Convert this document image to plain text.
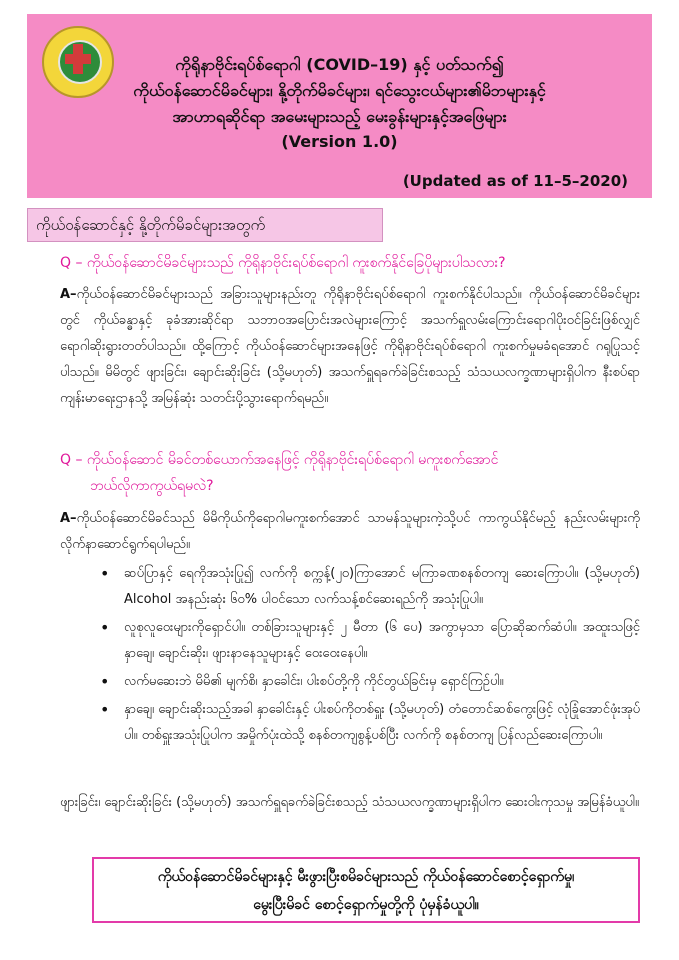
ကိုရိုနာဗိုင်းရပ်စ်ရောဂါ (COVID–19) နှင့် ပတ်သက်၍
ကိုယ်ဝန်ဆောင်မိခင်များ၊ နို့တိုက်မိခင်များ၊ ရင်သွေးငယ်များ၏မိဘများနှင့်
အာဟာရဆိုင်ရာ အမေးများသည့် မေးခွန်းများနှင့်အဖြေများ
(Version 1.0)
(Updated as of 11–5–2020)
ကိုယ်ဝန်ဆောင်နှင့် နို့တိုက်မိခင်များအတွက်
Q – ကိုယ်ဝန်ဆောင်မိခင်များသည် ကိုရိုနာဗိုင်းရပ်စ်ရောဂါ ကူးစက်နိုင်ခြေပိုများပါသလား?
A–ကိုယ်ဝန်ဆောင်မိခင်များသည် အခြားသူများနည်းတူ ကိုရိုနာဗိုင်းရပ်စ်ရောဂါ ကူးစက်နိုင်ပါသည်။ ကိုယ်ဝန်ဆောင်မိခင်များတွင် ကိုယ်ခန္ဓာနှင့် ခုခံအားဆိုင်ရာ သဘာဝအပြောင်းအလဲများကြောင့် အသက်ရှူလမ်းကြောင်းရောဂါပိုးဝင်ခြင်းဖြစ်လျှင် ရောဂါဆိုးရွားတတ်ပါသည်။ ထို့ကြောင့် ကိုယ်ဝန်ဆောင်များအနေဖြင့် ကိုရိုနာဗိုင်းရပ်စ်ရောဂါ ကူးစက်မှုမခံရအောင် ဂရုပြုသင့်ပါသည်။ မိမိတွင် ဖျားခြင်း၊ ချောင်းဆိုးခြင်း (သို့မဟုတ်) အသက်ရှူရခက်ခဲခြင်းစသည့် သံသယလက္ခဏာများရှိပါက နီးစပ်ရာ ကျန်းမာရေးဌာနသို့ အမြန်ဆုံး သတင်းပို့သွားရောက်ရမည်။
Q – ကိုယ်ဝန်ဆောင် မိခင်တစ်ယောက်အနေဖြင့် ကိုရိုနာဗိုင်းရပ်စ်ရောဂါ မကူးစက်အောင်
ဘယ်လိုကာကွယ်ရမလဲ?
A–ကိုယ်ဝန်ဆောင်မိခင်သည် မိမိကိုယ်ကိုရောဂါမကူးစက်အောင် သာမန်သူများကဲ့သို့ပင် ကာကွယ်နိုင်မည့် နည်းလမ်းများကို လိုက်နာဆောင်ရွက်ရပါမည်။
• ဆပ်ပြာနှင့် ရေကိုအသုံးပြု၍ လက်ကို စက္ကန့်(၂၀)ကြာအောင် မကြာခဏစနစ်တကျ ဆေးကြောပါ။ (သို့မဟုတ်) Alcohol အနည်းဆုံး ၆၀% ပါဝင်သော လက်သန့်စင်ဆေးရည်ကို အသုံးပြုပါ။
• လူစုလူဝေးများကိုရှောင်ပါ။ တစ်ခြားသူများနှင့် ၂ မီတာ (၆ ပေ) အကွာမှသာ ပြောဆိုဆက်ဆံပါ။ အထူးသဖြင့် နှာချေ၊ ချောင်းဆိုး၊ ဖျားနာနေသူများနှင့် ဝေးဝေးနေပါ။
• လက်မဆေးဘဲ မိမိ၏ မျက်စိ၊ နှာခေါင်း၊ ပါးစပ်တို့ကို ကိုင်တွယ်ခြင်းမှ ရှောင်ကြဉ်ပါ။
• နှာချေ၊ ချောင်းဆိုးသည့်အခါ နှာခေါင်းနှင့် ပါးစပ်ကိုတစ်ရှူး (သို့မဟုတ်) တံတောင်ဆစ်ကွေးဖြင့် လုံခြုံအောင်ဖုံးအုပ်ပါ။ တစ်ရှူးအသုံးပြုပါက အမှိုက်ပုံးထဲသို့ စနစ်တကျစွန့်ပစ်ပြီး လက်ကို စနစ်တကျ ပြန်လည်ဆေးကြောပါ။
ဖျားခြင်း၊ ချောင်းဆိုးခြင်း (သို့မဟုတ်) အသက်ရှူရခက်ခဲခြင်းစသည့် သံသယလက္ခဏာများရှိပါက ဆေးဝါးကုသမှု အမြန်ခံယူပါ။
ကိုယ်ဝန်ဆောင်မိခင်များနှင့် မီးဖွားပြီးစမိခင်များသည် ကိုယ်ဝန်ဆောင်စောင့်ရှောက်မှု၊
မွေးပြီးမိခင် စောင့်ရှောက်မှုတို့ကို ပုံမှန်ခံယူပါ။
